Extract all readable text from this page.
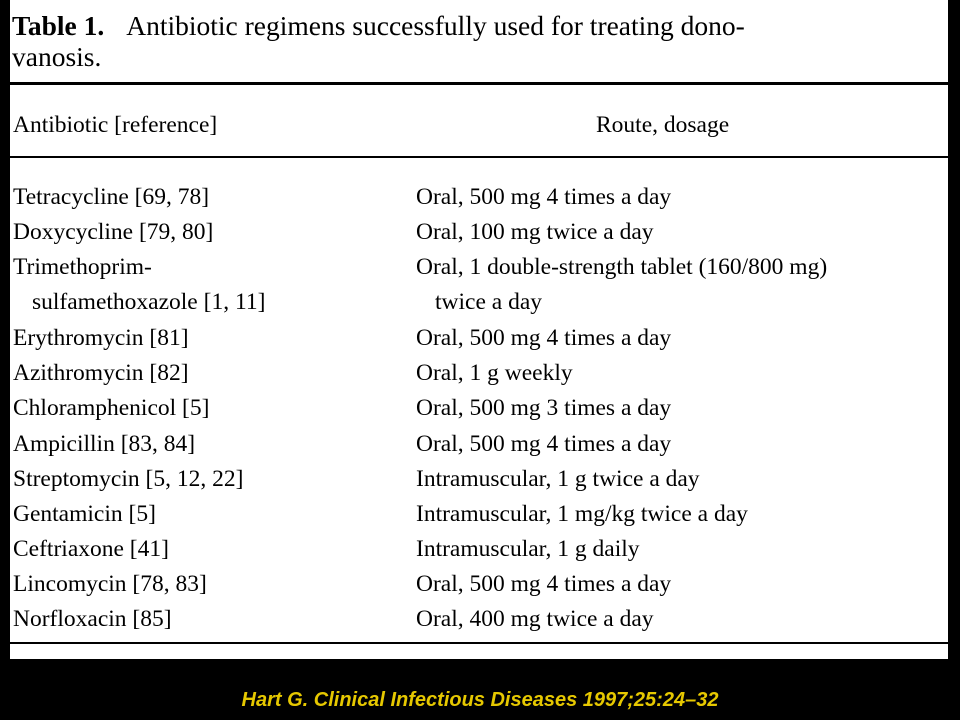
Table 1. Antibiotic regimens successfully used for treating dono-
vanosis.
Antibiotic [reference]	Route, dosage
Tetracycline [69, 78]	Oral, 500 mg 4 times a day
Doxycycline [79, 80]	Oral, 100 mg twice a day
Trimethoprim-	Oral, 1 double-strength tablet (160/800 mg)
sulfamethoxazole [1, 11]	twice a day
Erythromycin [81]	Oral, 500 mg 4 times a day
Azithromycin [82]	Oral, 1 g weekly
Chloramphenicol [5]	Oral, 500 mg 3 times a day
Ampicillin [83, 84]	Oral, 500 mg 4 times a day
Streptomycin [5, 12, 22]	Intramuscular, 1 g twice a day
Gentamicin [5]	Intramuscular, 1 mg/kg twice a day
Ceftriaxone [41]	Intramuscular, 1 g daily
Lincomycin [78, 83]	Oral, 500 mg 4 times a day
Norfloxacin [85]	Oral, 400 mg twice a day
Hart G. Clinical Infectious Diseases 1997;25:24–32
